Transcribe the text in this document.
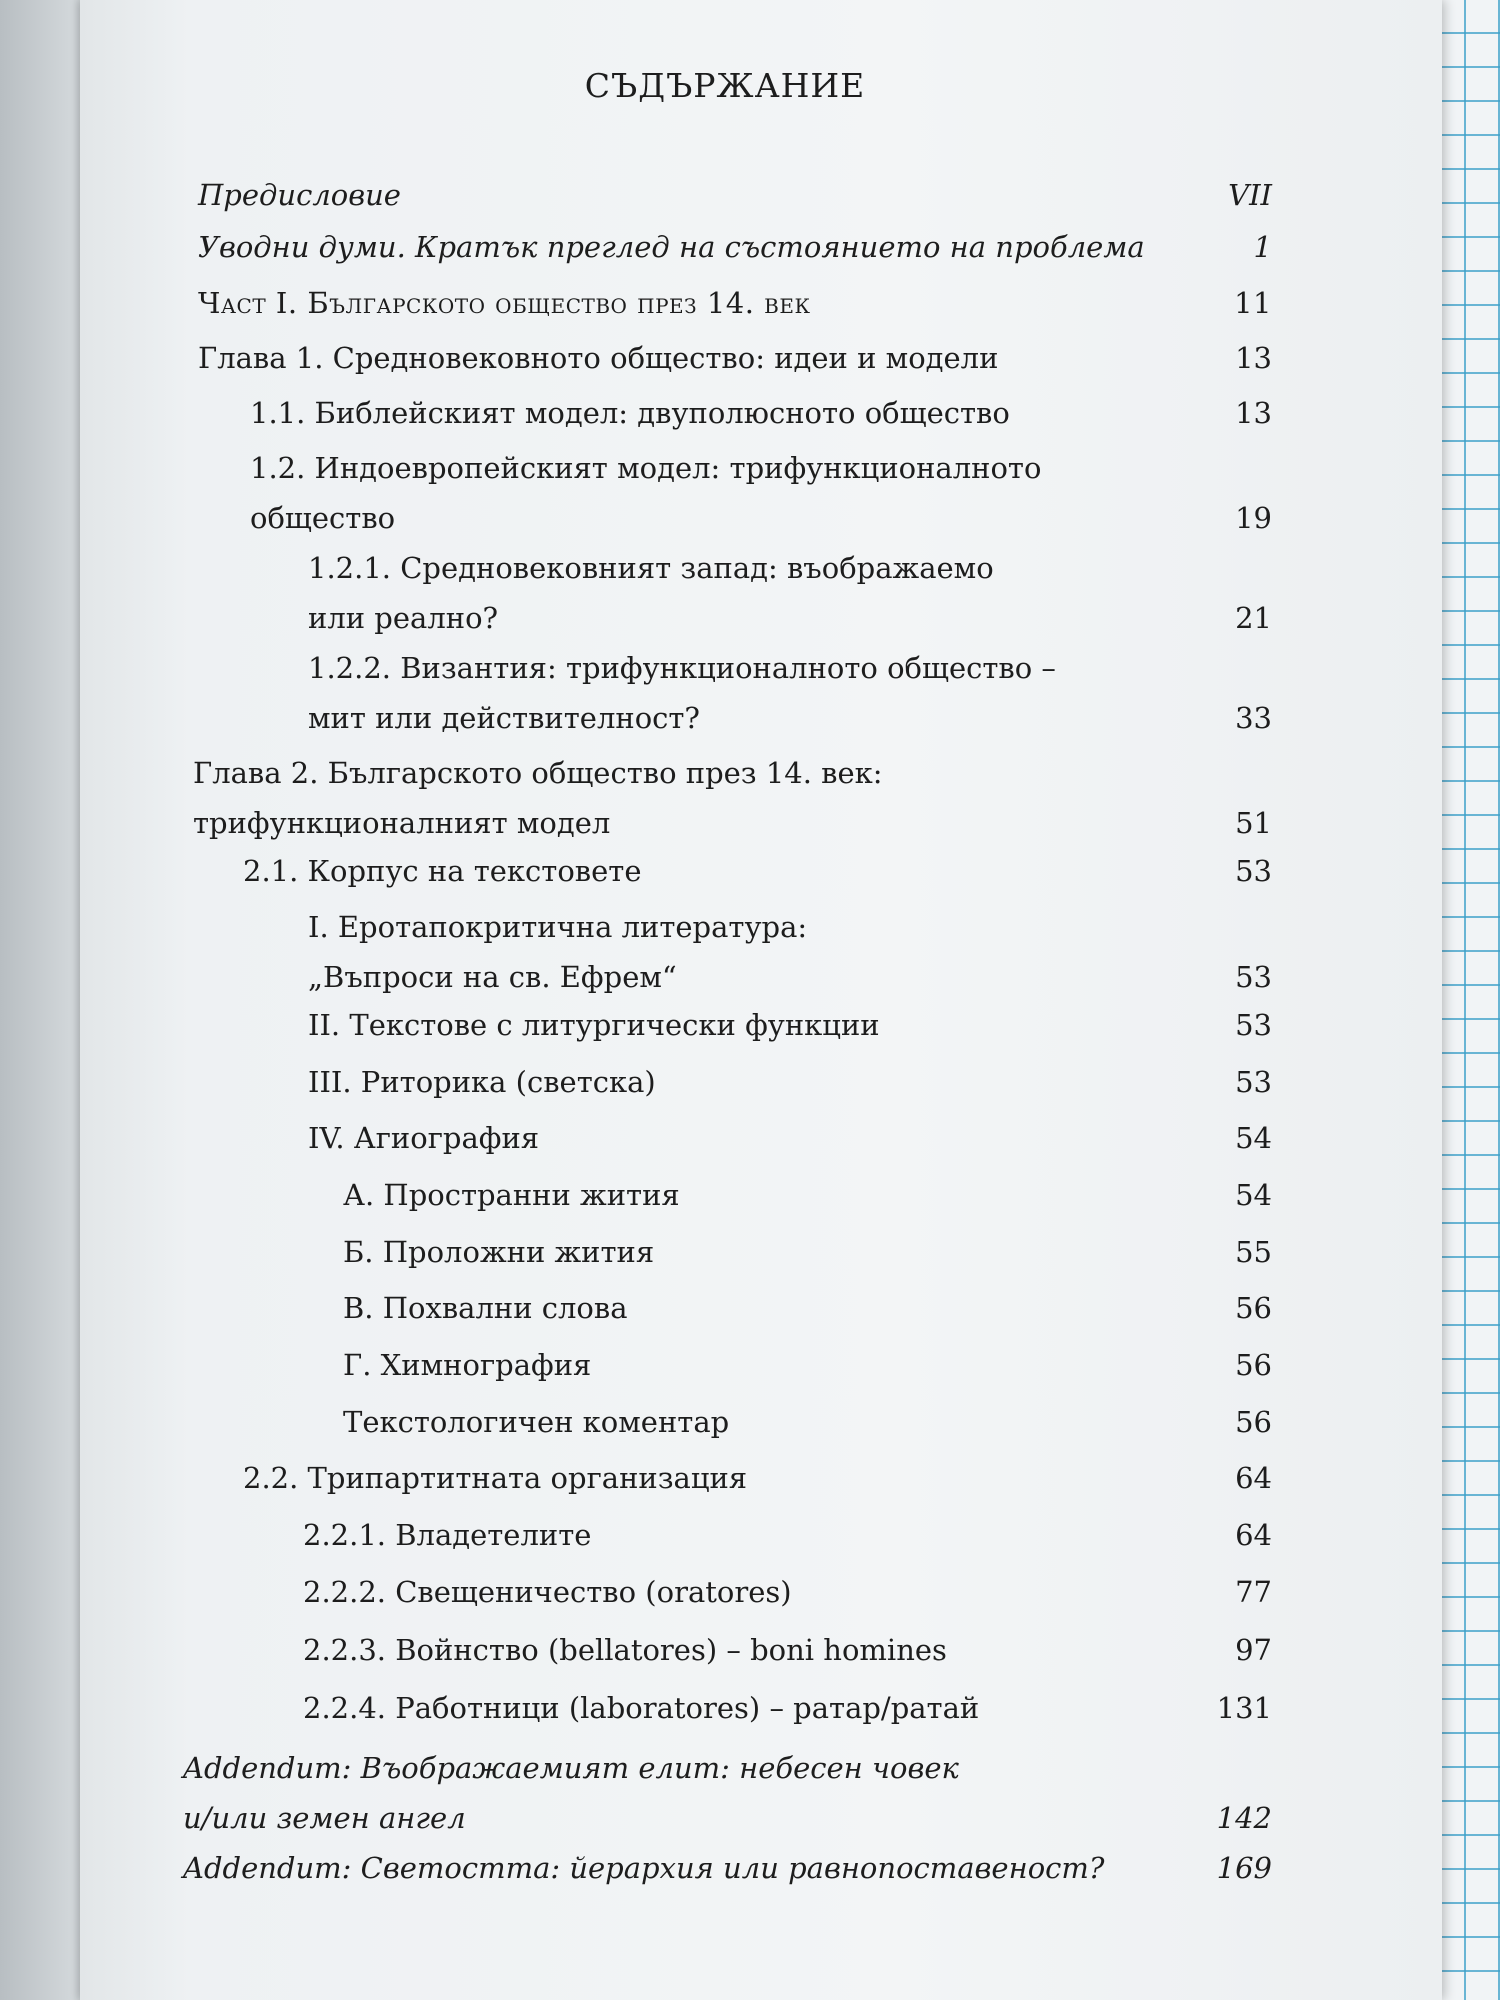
СЪДЪРЖАНИЕ
Предисловие	VII
Уводни думи. Кратък преглед на състоянието на проблема	1
Част I. Българското общество през 14. век	11
Глава 1. Средновековното общество: идеи и модели	13
1.1. Библейският модел: двуполюсното общество	13
1.2. Индоевропейският модел: трифункционалното
общество	19
1.2.1. Средновековният запад: въображаемо
или реално?	21
1.2.2. Византия: трифункционалното общество –
мит или действителност?	33
Глава 2. Българското общество през 14. век:
трифункционалният модел	51
2.1. Корпус на текстовете	53
I. Еротапокритична литература:
„Въпроси на св. Ефрем“	53
II. Текстове с литургически функции	53
III. Риторика (светска)	53
IV. Агиография	54
А. Пространни жития	54
Б. Проложни жития	55
В. Похвални слова	56
Г. Химнография	56
Текстологичен коментар	56
2.2. Трипартитната организация	64
2.2.1. Владетелите	64
2.2.2. Свещеничество (oratores)	77
2.2.3. Войнство (bellatores) – boni homines	97
2.2.4. Работници (laboratores) – ратар/ратай	131
Addendum: Въображаемият елит: небесен човек
и/или земен ангел	142
Addendum: Светостта: йерархия или равнопоставеност?	169
